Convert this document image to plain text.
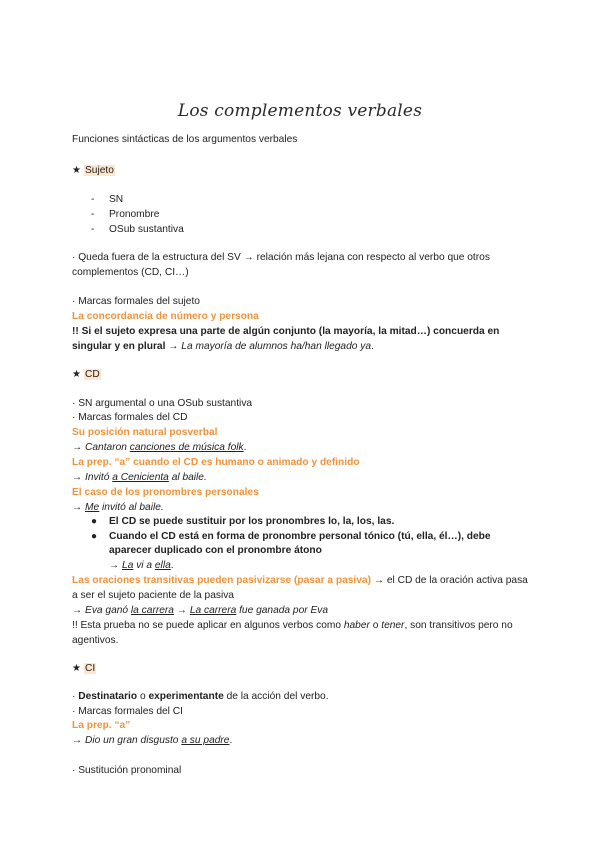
Los complementos verbales
Funciones sintácticas de los argumentos verbales
★ Sujeto
- SN
- Pronombre
- OSub sustantiva
· Queda fuera de la estructura del SV → relación más lejana con respecto al verbo que otros
complementos (CD, CI…)
· Marcas formales del sujeto
La concordancia de número y persona
!! Si el sujeto expresa una parte de algún conjunto (la mayoría, la mitad…) concuerda en
singular y en plural → La mayoría de alumnos ha/han llegado ya.
★ CD
· SN argumental o una OSub sustantiva
· Marcas formales del CD
Su posición natural posverbal
→ Cantaron canciones de música folk.
La prep. “a” cuando el CD es humano o animado y definido
→ Invitó a Cenicienta al baile.
El caso de los pronombres personales
→ Me invitó al baile.
● El CD se puede sustituir por los pronombres lo, la, los, las.
● Cuando el CD está en forma de pronombre personal tónico (tú, ella, él…), debe
aparecer duplicado con el pronombre átono
→ La vi a ella.
Las oraciones transitivas pueden pasivizarse (pasar a pasiva) → el CD de la oración activa pasa
a ser el sujeto paciente de la pasiva
→ Eva ganó la carrera → La carrera fue ganada por Eva
!! Esta prueba no se puede aplicar en algunos verbos como haber o tener, son transitivos pero no
agentivos.
★ CI
· Destinatario o experimentante de la acción del verbo.
· Marcas formales del CI
La prep. “a”
→ Dio un gran disgusto a su padre.
· Sustitución pronominal
